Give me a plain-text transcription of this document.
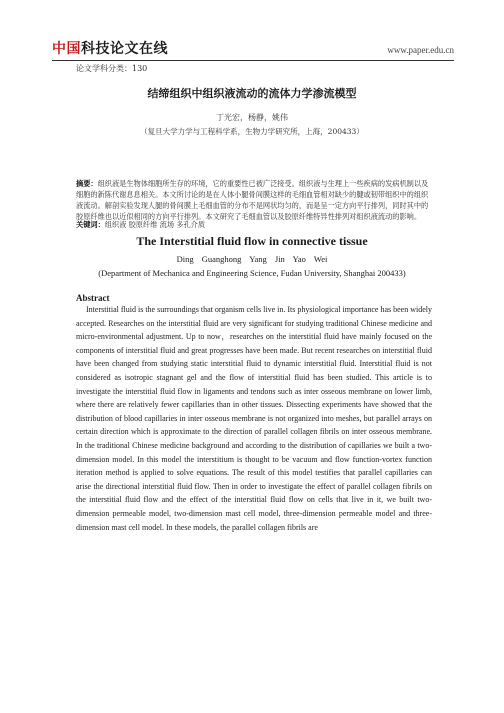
中国科技论文在线	www.paper.edu.cn
论文学科分类：130
结缔组织中组织液流动的流体力学渗流模型
丁光宏，杨静，姚伟
（复旦大学力学与工程科学系，生物力学研究所，上海，200433）
摘要：组织液是生物体细胞所生存的环境，它的重要性已被广泛接受。组织液与生理上一些疾病的发病机制以及细胞的新陈代谢息息相关。本文所讨论的是在人体小腿骨间膜这样的毛细血管相对缺少的腱或韧带组织中的组织液流动。解剖实验发现人腿的骨间膜上毛细血管的分布不是网状均匀的，而是呈一定方向平行排列，同时其中的胶原纤维也以近似相同的方向平行排列。本文研究了毛细血管以及胶原纤维特异性排列对组织液流动的影响。
关键词：组织液 胶原纤维 流场 多孔介质
The Interstitial fluid flow in connective tissue
Ding Guanghong Yang Jin Yao Wei
(Department of Mechanica and Engineering Science, Fudan University, Shanghai 200433)
Abstract
Interstitial fluid is the surroundings that organism cells live in. Its physiological importance has been widely accepted. Researches on the interstitial fluid are very significant for studying traditional Chinese medicine and micro-environmental adjustment. Up to now，researches on the interstitial fluid have mainly focused on the components of interstitial fluid and great progresses have been made. But recent researches on interstitial fluid have been changed from studying static interstitial fluid to dynamic interstitial fluid. Interstitial fluid is not considered as isotropic stagnant gel and the flow of interstitial fluid has been studied. This article is to investigate the interstitial fluid flow in ligaments and tendons such as inter osseous membrane on lower limb, where there are relatively fewer capillaries than in other tissues. Dissecting experiments have showed that the distribution of blood capillaries in inter osseous membrane is not organized into meshes, but parallel arrays on certain direction which is approximate to the direction of parallel collagen fibrils on inter osseous membrane. In the traditional Chinese medicine background and according to the distribution of capillaries we built a two-dimension model. In this model the interstitium is thought to be vacuum and flow function-vortex function iteration method is applied to solve equations. The result of this model testifies that parallel capillaries can arise the directional interstitial fluid flow. Then in order to investigate the effect of parallel collagen fibrils on the interstitial fluid flow and the effect of the interstitial fluid flow on cells that live in it, we built two-dimension permeable model, two-dimension mast cell model, three-dimension permeable model and three-dimension mast cell model. In these models, the parallel collagen fibrils are
